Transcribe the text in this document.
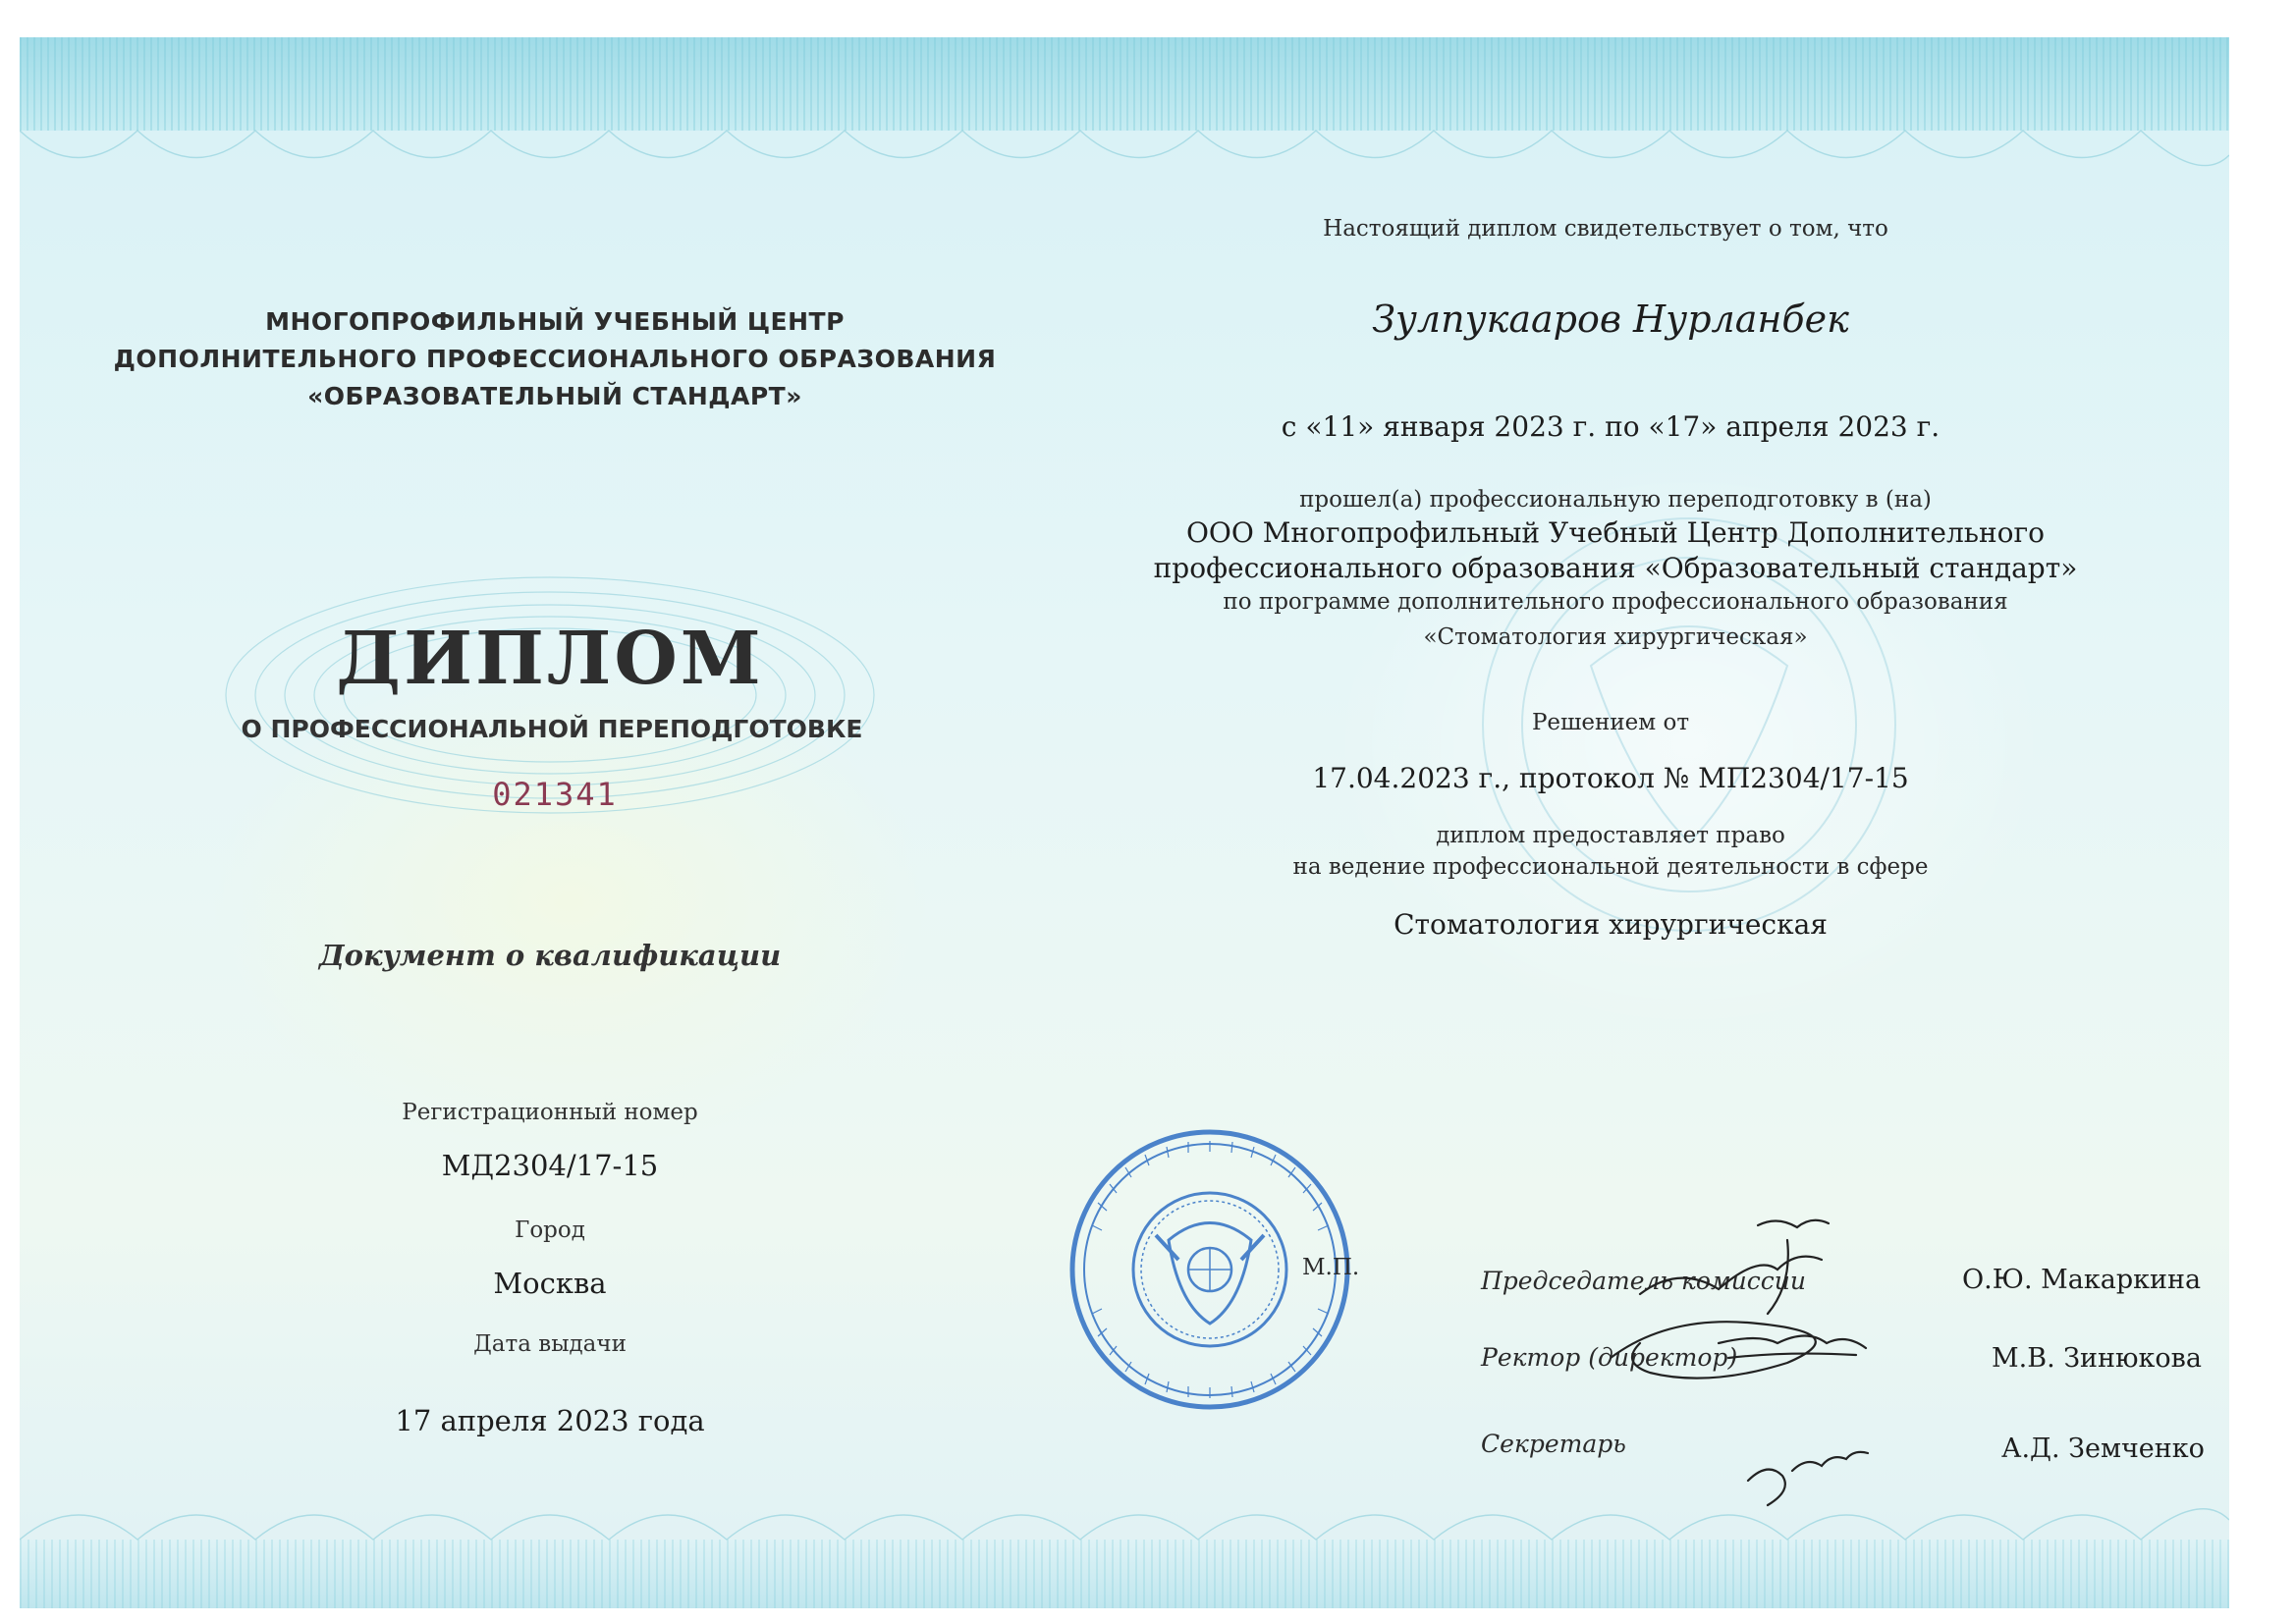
МНОГОПРОФИЛЬНЫЙ УЧЕБНЫЙ ЦЕНТР
ДОПОЛНИТЕЛЬНОГО ПРОФЕССИОНАЛЬНОГО ОБРАЗОВАНИЯ
«ОБРАЗОВАТЕЛЬНЫЙ СТАНДАРТ»
ДИПЛОМ
О ПРОФЕССИОНАЛЬНОЙ ПЕРЕПОДГОТОВКЕ
021341
Документ о квалификации
Регистрационный номер
МД2304/17-15
Город
Москва
Дата выдачи
17 апреля 2023 года
Настоящий диплом свидетельствует о том, что
Зулпукааров Нурланбек
с «11» января 2023 г. по «17» апреля 2023 г.
прошел(а) профессиональную переподготовку в (на)
ООО Многопрофильный Учебный Центр Дополнительного
профессионального образования «Образовательный стандарт»
по программе дополнительного профессионального образования
«Стоматология хирургическая»
Решением от
17.04.2023 г., протокол № МП2304/17-15
диплом предоставляет право
на ведение профессиональной деятельности в сфере
Стоматология хирургическая
М.П.	Председатель комиссии	О.Ю. Макаркина
Ректор (директор)	М.В. Зинюкова
Секретарь	А.Д. Земченко
